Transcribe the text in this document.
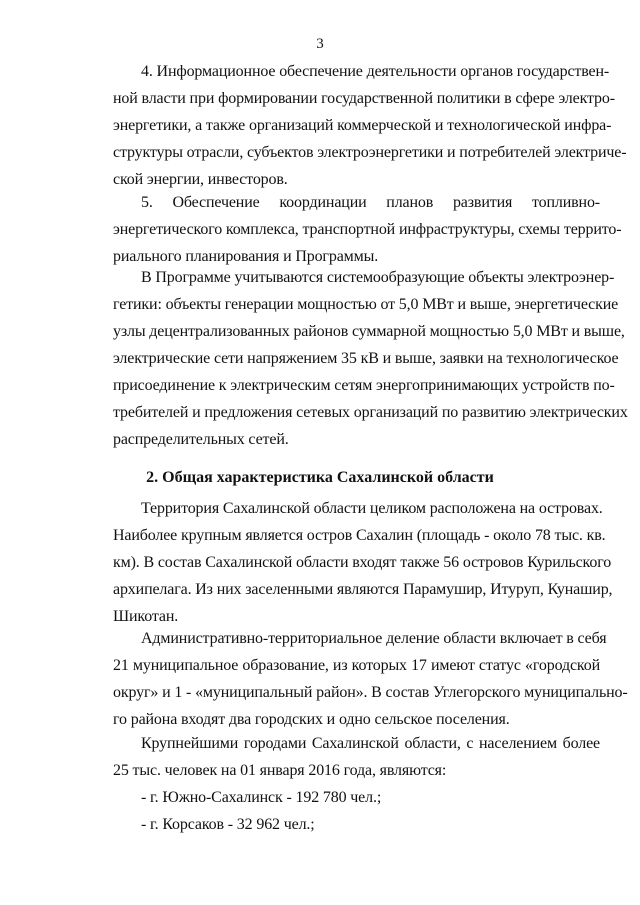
3
4. Информационное обеспечение деятельности органов государствен-
ной власти при формировании государственной политики в сфере электро-
энергетики, а также организаций коммерческой и технологической инфра-
структуры отрасли, субъектов электроэнергетики и потребителей электриче-
ской энергии, инвесторов.
5. Обеспечение координации планов развития топливно-
энергетического комплекса, транспортной инфраструктуры, схемы террито-
риального планирования и Программы.
В Программе учитываются системообразующие объекты электроэнер-
гетики: объекты генерации мощностью от 5,0 МВт и выше, энергетические
узлы децентрализованных районов суммарной мощностью 5,0 МВт и выше,
электрические сети напряжением 35 кВ и выше, заявки на технологическое
присоединение к электрическим сетям энергопринимающих устройств по-
требителей и предложения сетевых организаций по развитию электрических
распределительных сетей.
2. Общая характеристика Сахалинской области
Территория Сахалинской области целиком расположена на островах.
Наиболее крупным является остров Сахалин (площадь - около 78 тыс. кв.
км). В состав Сахалинской области входят также 56 островов Курильского
архипелага. Из них заселенными являются Парамушир, Итуруп, Кунашир,
Шикотан.
Административно-территориальное деление области включает в себя
21 муниципальное образование, из которых 17 имеют статус «городской
округ» и 1 - «муниципальный район». В состав Углегорского муниципально-
го района входят два городских и одно сельское поселения.
Крупнейшими городами Сахалинской области, с населением более
25 тыс. человек на 01 января 2016 года, являются:
- г. Южно-Сахалинск - 192 780 чел.;
- г. Корсаков - 32 962 чел.;
